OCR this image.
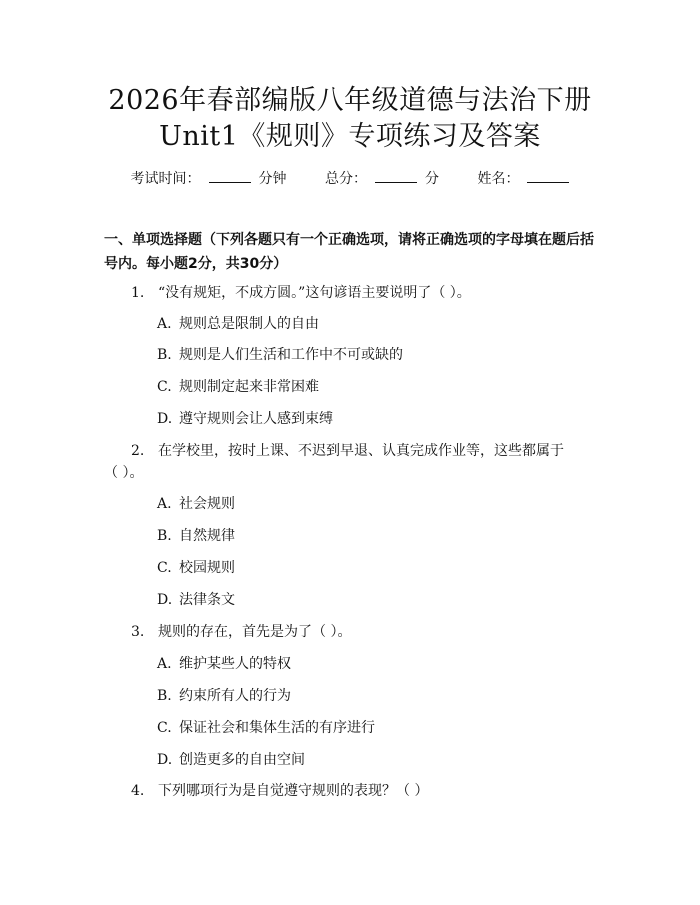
2026年春部编版八年级道德与法治下册
Unit1《规则》专项练习及答案
考试时间：	分钟	总分：	分	姓名：
一、单项选择题（下列各题只有一个正确选项，请将正确选项的字母填在题后括号内。每小题2分，共30分）
1. “没有规矩，不成方圆。”这句谚语主要说明了（ ）。
A. 规则总是限制人的自由
B. 规则是人们生活和工作中不可或缺的
C. 规则制定起来非常困难
D. 遵守规则会让人感到束缚
2. 在学校里，按时上课、不迟到早退、认真完成作业等，这些都属于
（ ）。
A. 社会规则
B. 自然规律
C. 校园规则
D. 法律条文
3. 规则的存在，首先是为了（ ）。
A. 维护某些人的特权
B. 约束所有人的行为
C. 保证社会和集体生活的有序进行
D. 创造更多的自由空间
4. 下列哪项行为是自觉遵守规则的表现？（ ）
